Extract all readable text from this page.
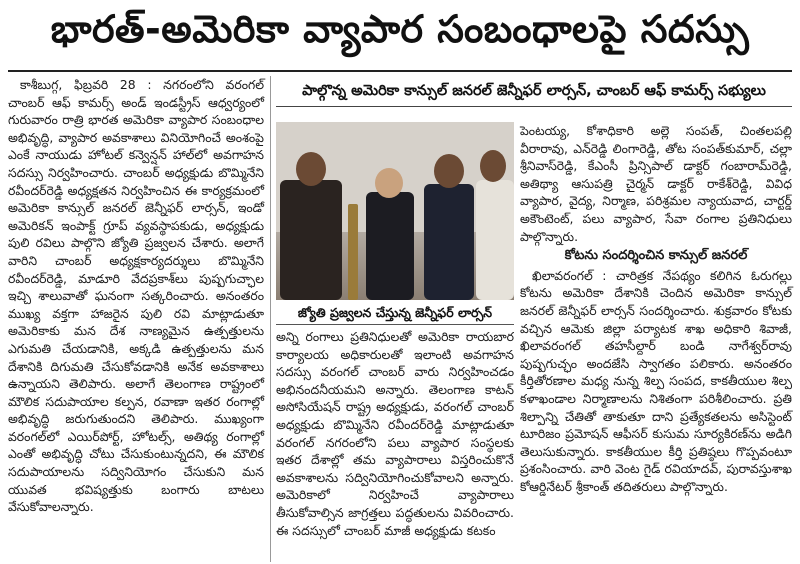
భారత్‌-అమెరికా వ్యాపార సంబంధాలపై సదస్సు

కాశీబుగ్గ, ఫిబ్రవరి 28 : నగరంలోని వరంగల్ చాంబర్ ఆఫ్ కామర్స్ అండ్ ఇండస్ట్రీస్ ఆధ్వర్యంలో గురువారం రాత్రి భారత అమెరికా వ్యాపార సంబంధాల అభివృద్ధి, వ్యాపార అవకాశాలు వినియోగించే అంశంపై ఎంకే నాయుడు హోటల్ కన్వెన్షన్ హాల్‌లో అవగాహన సదస్సు నిర్వహించారు. చాంబర్ అధ్యక్షుడు బొమ్మినేని రవీందర్‌రెడ్డి అధ్యక్షతన నిర్వహించిన ఈ కార్యక్రమంలో అమెరికా కాన్సుల్ జనరల్ జెన్నీఫర్ లార్సన్‌, ఇండో అమెరికన్ ఇంపాక్ట్ గ్రూప్ వ్యవస్థాపకుడు, అధ్యక్షుడు పులి రవిలు పాల్గొని జ్యోతి ప్రజ్వలన చేశారు. అలాగే వారిని చాంబర్ అధ్యక్షకార్యదర్శులు బొమ్మినేని రవీందర్‌రెడ్డి, మాడూరి వేదప్రకాశ్‌లు పుష్పగుచ్ఛాల ఇచ్చి శాలువాతో ఘనంగా సత్కరించారు. అనంతరం ముఖ్య వక్తగా హాజరైన పులి రవి మాట్లాడుతూ అమెరికాకు మన దేశ నాణ్యమైన ఉత్పత్తులను ఎగుమతి చేయడానికి, అక్కడి ఉత్పత్తులను మన దేశానికి దిగుమతి చేసుకోవడానికి అనేక అవకాశాలు ఉన్నాయని తెలిపారు. అలాగే తెలంగాణ రాష్ట్రంలో మౌలిక సదుపాయాల కల్పన, రవాణా ఇతర రంగాల్లో అభివృద్ధి జరుగుతుందని తెలిపారు. ముఖ్యంగా వరంగల్‌లో ఎయిర్‌పోర్ట్‌, హోటల్స్‌, అతిథ్య రంగాల్లో ఎంతో అభివృద్ధి చోటు చేసుకుంటున్నదని, ఈ మౌలిక సదుపాయాలను సద్వినియోగం చేసుకుని మన యువత భవిష్యత్తుకు బంగారు బాటలు వేసుకోవాలన్నారు.

పాల్గొన్న అమెరికా కాన్సుల్ జనరల్ జెన్నీఫర్ లార్సన్‌, చాంబర్ ఆఫ్ కామర్స్ సభ్యులు
జ్యోతి ప్రజ్వలన చేస్తున్న జెన్నీఫర్ లార్సన్‌

అన్ని రంగాలు ప్రతినిధులతో అమెరికా రాయబార కార్యాలయ అధికారులతో ఇలాంటి అవగాహన సదస్సు వరంగల్ చాంబర్ వారు నిర్వహించడం అభినందనీయమని అన్నారు. తెలంగాణ కాటన్ అసోసియేషన్ రాష్ట్ర అధ్యక్షుడు, వరంగల్ చాంబర్ అధ్యక్షుడు బొమ్మినేని రవీందర్‌రెడ్డి మాట్లాడుతూ వరంగల్ నగరంలోని పలు వ్యాపార సంస్థలకు ఇతర దేశాల్లో తమ వ్యాపారాలు విస్తరించుకొనే అవకాశాలను సద్వినియోగించుకోవాలని అన్నారు. అమెరికాలో నిర్వహించే వ్యాపారాలు తీసుకోవాల్సిన జాగ్రత్తలు పద్ధతులను వివరించారు. ఈ సదస్సులో చాంబర్ మాజీ అధ్యక్షుడు కటకం

పెంటయ్య, కోశాధికారి అల్లె సంపత్‌, చింతలపల్లి వీరారావు, ఎన్‌రెడ్డి లింగారెడ్డి, తోట సంపత్‌కుమార్‌, చల్లా శ్రీనివాస్‌రెడ్డి, కేఎంసీ ప్రిన్సిపాల్ డాక్టర్ గంబారామ్‌రెడ్డి, అతిథ్యా ఆసుపత్రి చైర్మన్ డాక్టర్ రాకేశ్‌రెడ్డి, వివిధ వ్యాపార, వైద్య, నిర్మాణ, పరిశ్రమల న్యాయవాద, చార్టర్డ్ అకౌంటెంట్‌, పలు వ్యాపార, సేవా రంగాల ప్రతినిధులు పాల్గొన్నారు.

కోటను సందర్శించిన కాన్సుల్ జనరల్

ఖిలావరంగల్ : చారిత్రక నేపథ్యం కలిగిన ఓరుగల్లు కోటను అమెరికా దేశానికి చెందిన అమెరికా కాన్సుల్ జనరల్ జెన్నీఫర్ లార్సన్‌ సందర్శించారు. శుక్రవారం కోటకు వచ్చిన ఆమెకు జిల్లా పర్యాటక శాఖ అధికారి శివాజీ, ఖిలావరంగల్ తహసీల్దార్‌ బండి నాగేశ్వర్‌రావు పుష్పగుచ్ఛం అందజేసి స్వాగతం పలికారు. అనంతరం కీర్తితోరణాల మధ్య నున్న శిల్ప సంపద, కాకతీయుల శిల్ప కళాఖండాల నిర్మాణాలను నిశితంగా పరిశీలించారు. ప్రతి శిల్పాన్ని చేతితో తాకుతూ దాని ప్రత్యేకతలను అసిస్టెంట్ టూరిజం ప్రమోషన్ ఆఫీసర్ కుసుమ సూర్యకిరణ్‌ను అడిగి తెలుసుకున్నారు. కాకతీయుల కీర్తి ప్రతిష్ఠలు గొప్పవంటూ ప్రశంసించారు. వారి వెంట గైడ్ రవియాదవ్‌, పురావస్తుశాఖ కోఆర్డినేటర్ శ్రీకాంత్ తదితరులు పాల్గొన్నారు.
